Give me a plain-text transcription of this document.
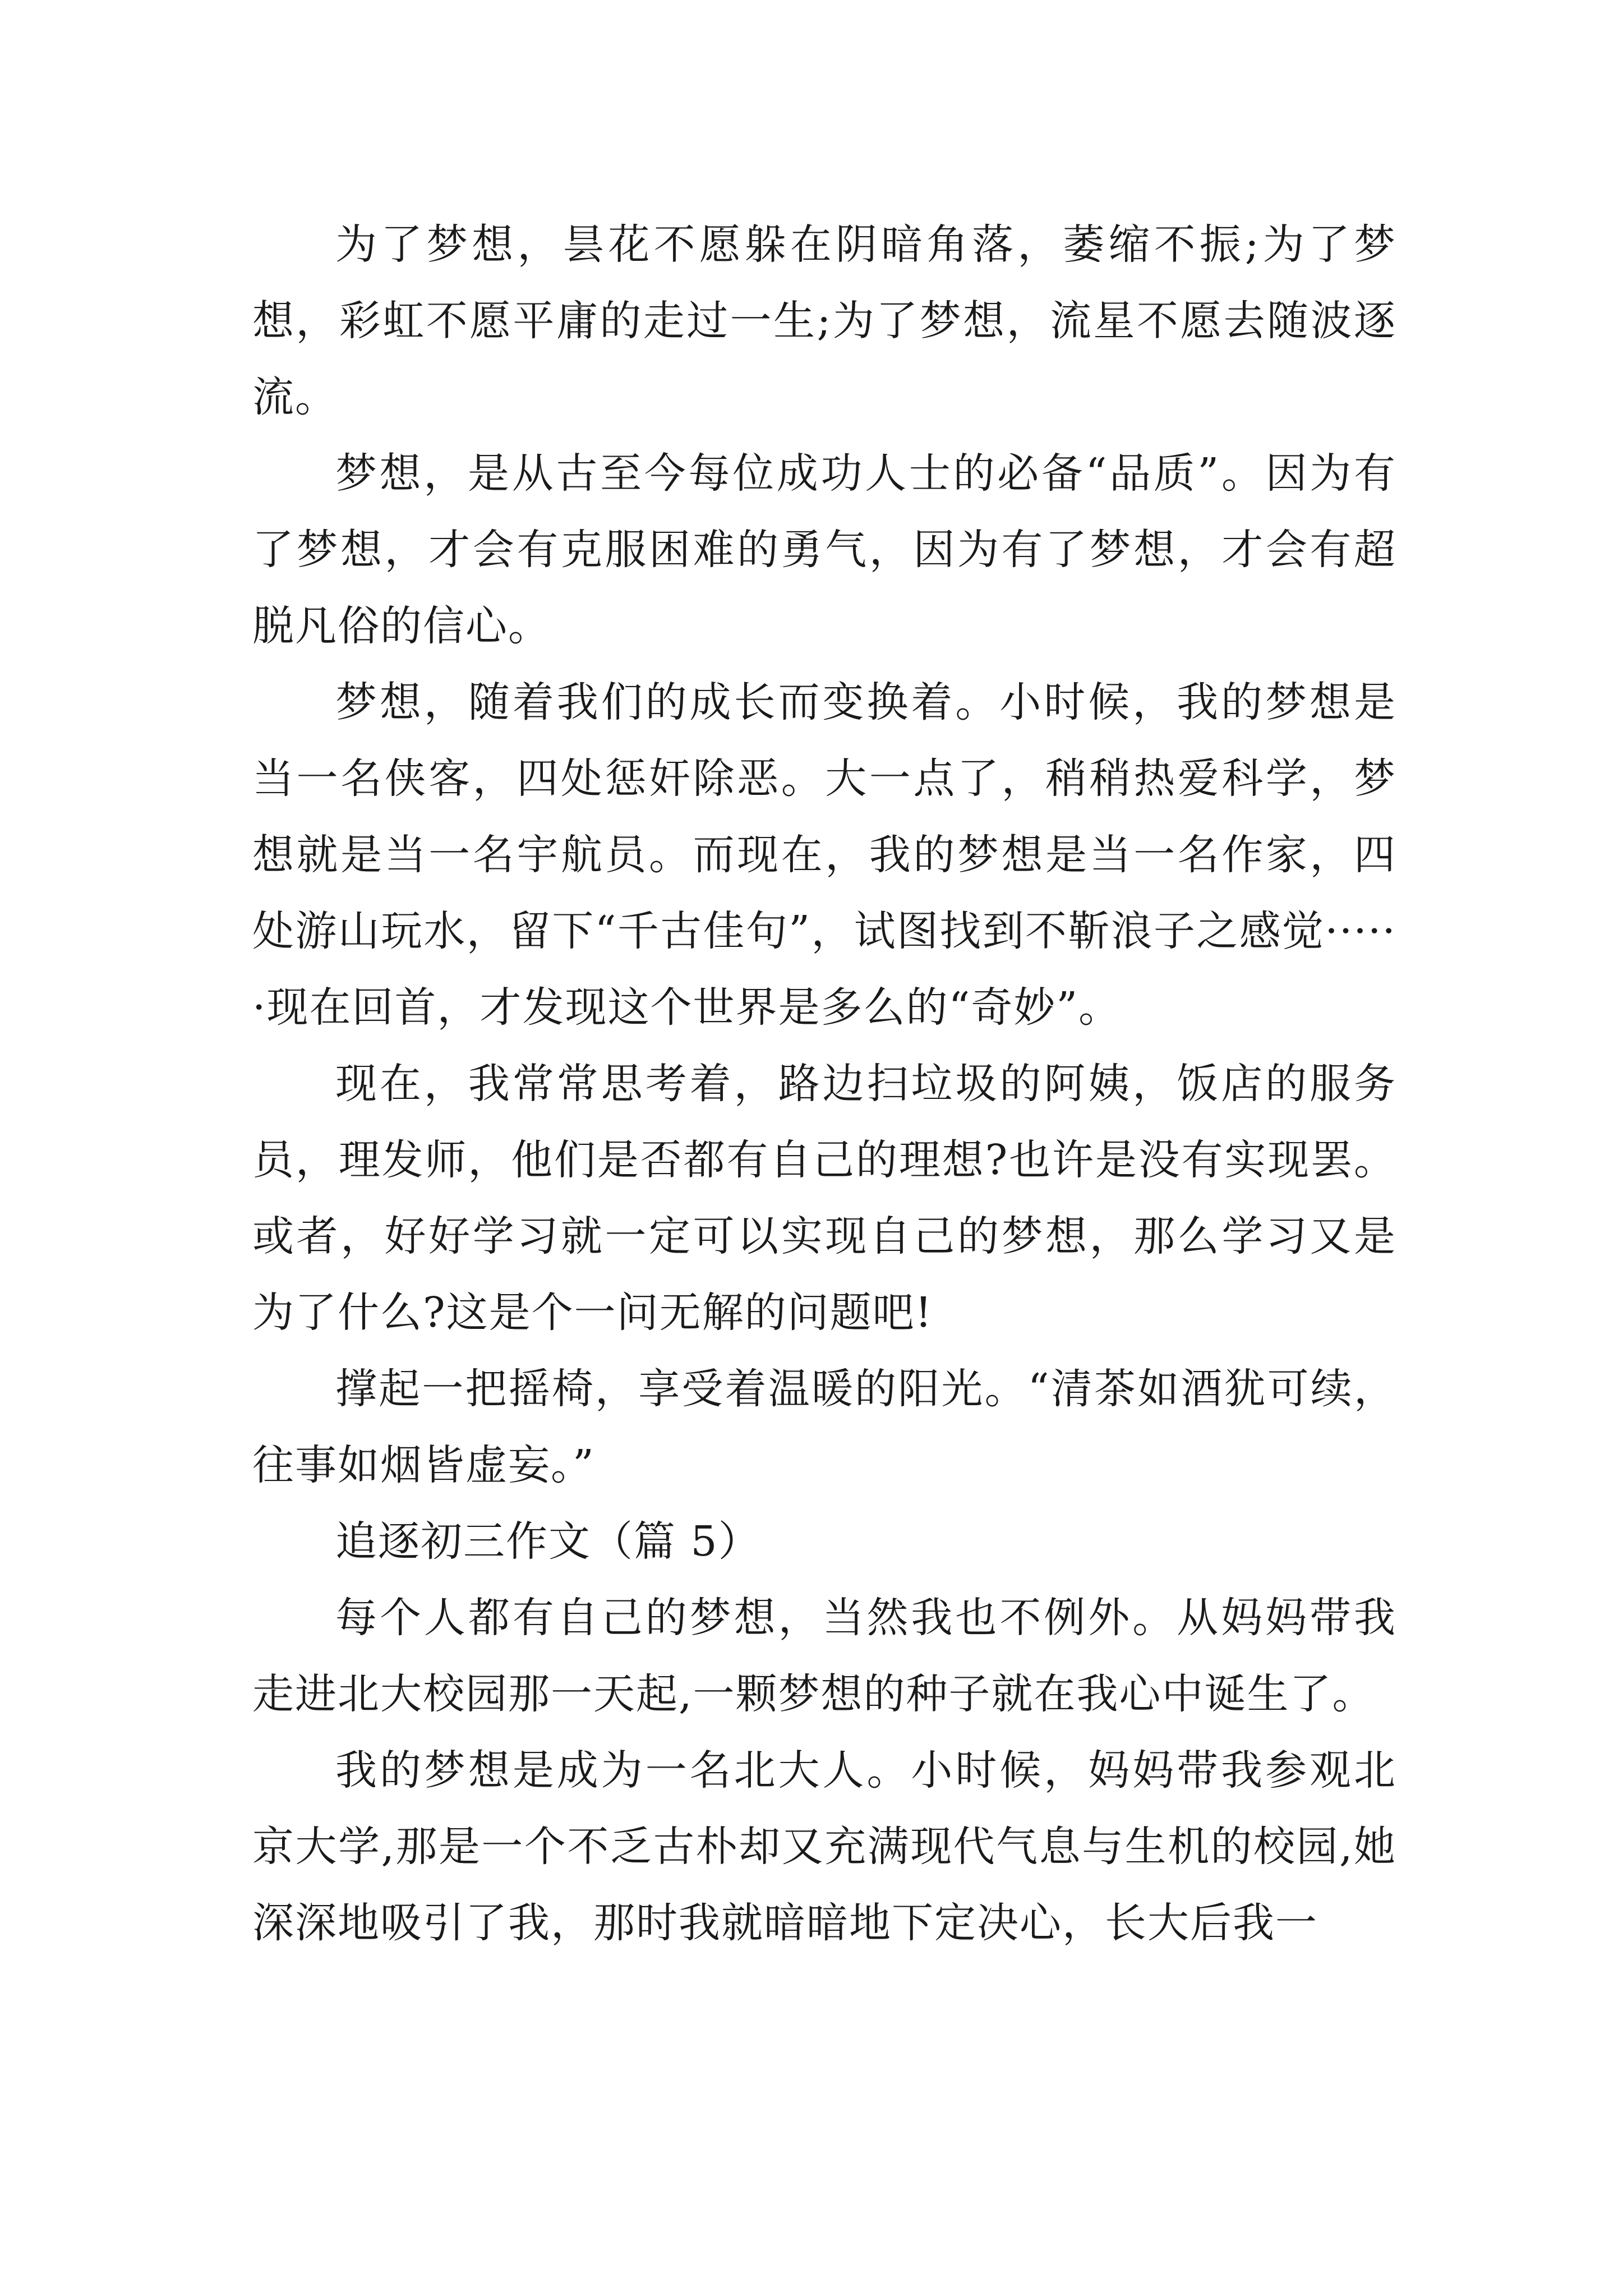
为了梦想，昙花不愿躲在阴暗角落，萎缩不振;为了梦想，彩虹不愿平庸的走过一生;为了梦想，流星不愿去随波逐流。

梦想，是从古至今每位成功人士的必备“品质”。因为有了梦想，才会有克服困难的勇气，因为有了梦想，才会有超脱凡俗的信心。

梦想，随着我们的成长而变换着。小时候，我的梦想是当一名侠客，四处惩奸除恶。大一点了，稍稍热爱科学，梦想就是当一名宇航员。而现在，我的梦想是当一名作家，四处游山玩水，留下“千古佳句”，试图找到不靳浪子之感觉······现在回首，才发现这个世界是多么的“奇妙”。

现在，我常常思考着，路边扫垃圾的阿姨，饭店的服务员，理发师，他们是否都有自己的理想?也许是没有实现罢。或者，好好学习就一定可以实现自己的梦想，那么学习又是为了什么?这是个一问无解的问题吧!

撑起一把摇椅，享受着温暖的阳光。“清茶如酒犹可续，往事如烟皆虚妄。”

追逐初三作文（篇 5）

每个人都有自己的梦想，当然我也不例外。从妈妈带我走进北大校园那一天起,一颗梦想的种子就在我心中诞生了。

我的梦想是成为一名北大人。小时候，妈妈带我参观北京大学,那是一个不乏古朴却又充满现代气息与生机的校园,她深深地吸引了我，那时我就暗暗地下定决心，长大后我一
